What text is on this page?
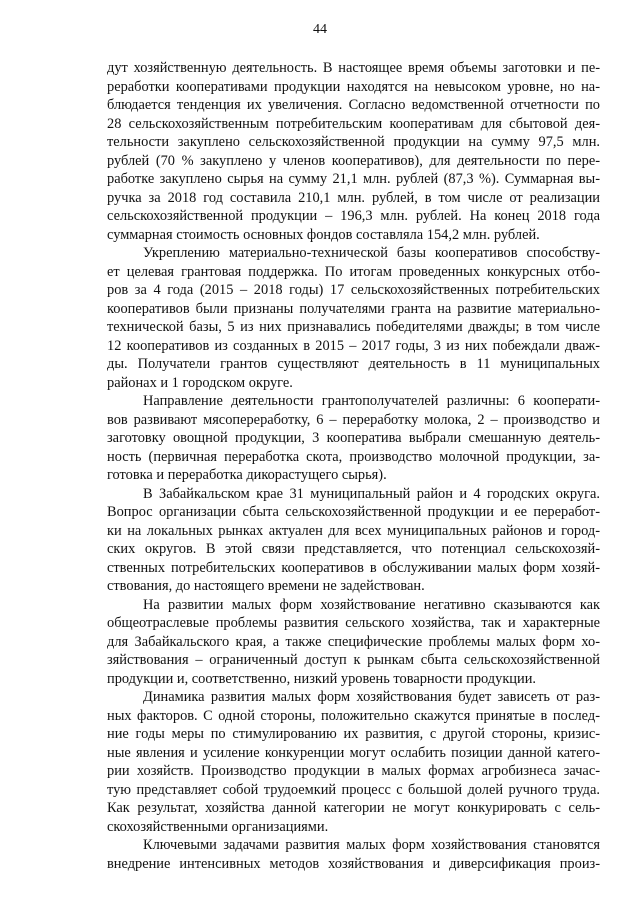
44
дут хозяйственную деятельность. В настоящее время объемы заготовки и пе-
реработки кооперативами продукции находятся на невысоком уровне, но на-
блюдается тенденция их увеличения. Согласно ведомственной отчетности по
28 сельскохозяйственным потребительским кооперативам для сбытовой дея-
тельности закуплено сельскохозяйственной продукции на сумму 97,5 млн.
рублей (70 % закуплено у членов кооперативов), для деятельности по пере-
работке закуплено сырья на сумму 21,1 млн. рублей (87,3 %). Суммарная вы-
ручка за 2018 год составила 210,1 млн. рублей, в том числе от реализации
сельскохозяйственной продукции – 196,3 млн. рублей. На конец 2018 года
суммарная стоимость основных фондов составляла 154,2 млн. рублей.
Укреплению материально-технической базы кооперативов способству-
ет целевая грантовая поддержка. По итогам проведенных конкурсных отбо-
ров за 4 года (2015 – 2018 годы) 17 сельскохозяйственных потребительских
кооперативов были признаны получателями гранта на развитие материально-
технической базы, 5 из них признавались победителями дважды; в том числе
12 кооперативов из созданных в 2015 – 2017 годы, 3 из них побеждали дваж-
ды. Получатели грантов существляют деятельность в 11 муниципальных
районах и 1 городском округе.
Направление деятельности грантополучателей различны: 6 кооперати-
вов развивают мясопереработку, 6 – переработку молока, 2 – производство и
заготовку овощной продукции, 3 кооператива выбрали смешанную деятель-
ность (первичная переработка скота, производство молочной продукции, за-
готовка и переработка дикорастущего сырья).
В Забайкальском крае 31 муниципальный район и 4 городских округа.
Вопрос организации сбыта сельскохозяйственной продукции и ее переработ-
ки на локальных рынках актуален для всех муниципальных районов и город-
ских округов. В этой связи представляется, что потенциал сельскохозяй-
ственных потребительских кооперативов в обслуживании малых форм хозяй-
ствования, до настоящего времени не задействован.
На развитии малых форм хозяйствование негативно сказываются как
общеотраслевые проблемы развития сельского хозяйства, так и характерные
для Забайкальского края, а также специфические проблемы малых форм хо-
зяйствования – ограниченный доступ к рынкам сбыта сельскохозяйственной
продукции и, соответственно, низкий уровень товарности продукции.
Динамика развития малых форм хозяйствования будет зависеть от раз-
ных факторов. С одной стороны, положительно скажутся принятые в послед-
ние годы меры по стимулированию их развития, с другой стороны, кризис-
ные явления и усиление конкуренции могут ослабить позиции данной катего-
рии хозяйств. Производство продукции в малых формах агробизнеса зачас-
тую представляет собой трудоемкий процесс с большой долей ручного труда.
Как результат, хозяйства данной категории не могут конкурировать с сель-
скохозяйственными организациями.
Ключевыми задачами развития малых форм хозяйствования становятся
внедрение интенсивных методов хозяйствования и диверсификация произ-
